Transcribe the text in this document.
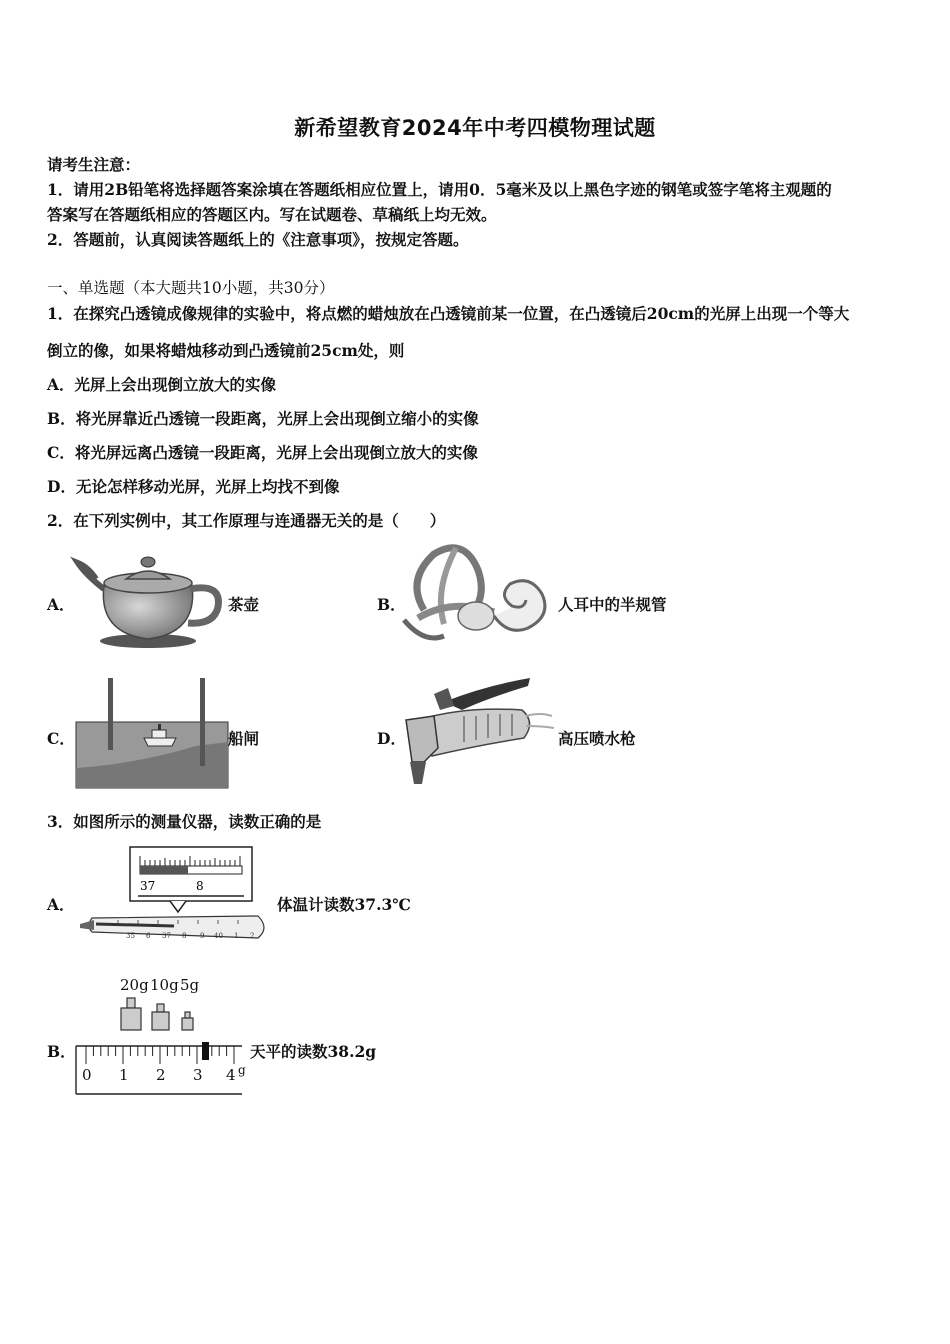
新希望教育2024年中考四模物理试题
请考生注意：
1．请用2B铅笔将选择题答案涂填在答题纸相应位置上，请用0．5毫米及以上黑色字迹的钢笔或签字笔将主观题的
答案写在答题纸相应的答题区内。写在试题卷、草稿纸上均无效。
2．答题前，认真阅读答题纸上的《注意事项》，按规定答题。
一、单选题（本大题共10小题，共30分）
1．在探究凸透镜成像规律的实验中，将点燃的蜡烛放在凸透镜前某一位置，在凸透镜后20cm的光屏上出现一个等大
倒立的像，如果将蜡烛移动到凸透镜前25cm处，则
A．光屏上会出现倒立放大的实像
B．将光屏靠近凸透镜一段距离，光屏上会出现倒立缩小的实像
C．将光屏远离凸透镜一段距离，光屏上会出现倒立放大的实像
D．无论怎样移动光屏，光屏上均找不到像
2．在下列实例中，其工作原理与连通器无关的是（　　）
A．	茶壶	B．	人耳中的半规管
C．	船闸	D．	高压喷水枪
3．如图所示的测量仪器，读数正确的是
A．
37	8
35 6 37 8 9 40 1 2
体温计读数37.3℃
B．
20g 10g 5g
0 1 2 3 4 g
天平的读数38.2g
